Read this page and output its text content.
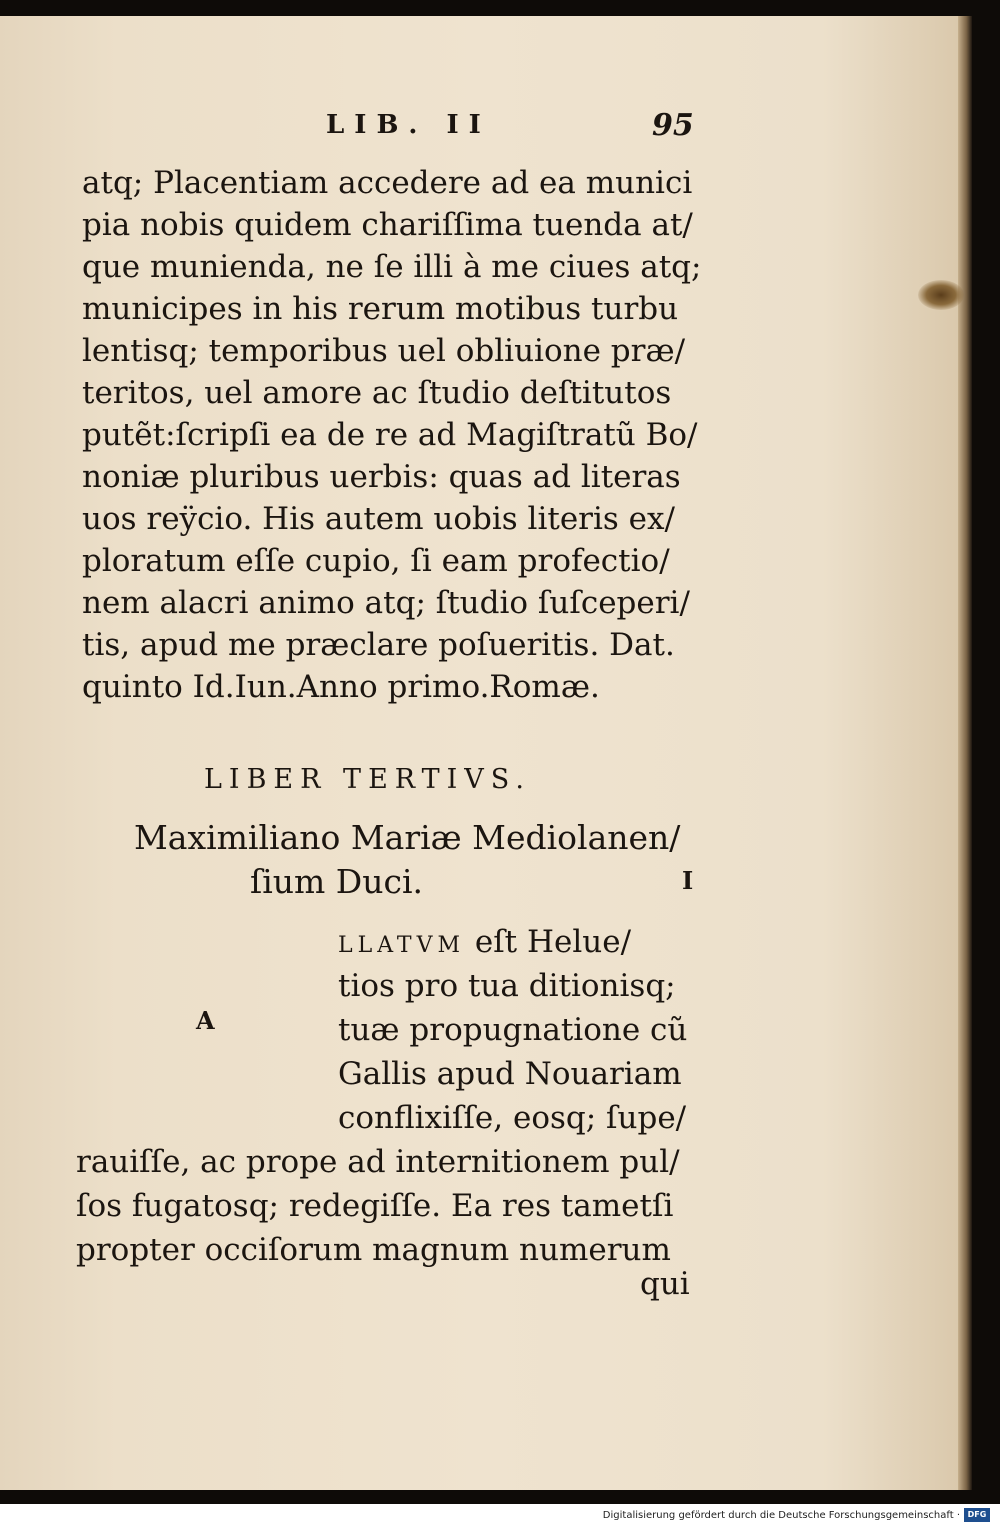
LIB. II	95
atq; Placentiam accedere ad ea munici
pia nobis quidem chariſſima tuenda at/
que munienda, ne ſe illi à me ciues atq;
municipes in his rerum motibus turbu
lentisq; temporibus uel obliuione præ/
teritos, uel amore ac ſtudio deſtitutos
putẽt:ſcripſi ea de re ad Magiſtratũ Bo/
noniæ pluribus uerbis: quas ad literas
uos reÿcio. His autem uobis literis ex/
ploratum eſſe cupio, ſi eam profectio/
nem alacri animo atq; ſtudio ſuſceperi/
tis, apud me præclare poſueritis. Dat.
quinto Id.Iun.Anno primo.Romæ.
LIBER TERTIVS.
Maximiliano Mariæ Mediolanen/
ſium Duci.	I
A
LLATVM eſt Helue/
tios pro tua ditionisq;
tuæ propugnatione cũ
Gallis apud Nouariam
conflixiſſe, eosq; ſupe/
rauiſſe, ac prope ad internitionem pul/
ſos fugatosq; redegiſſe. Ea res tametſi
propter occiſorum magnum numerum
qui
Digitalisierung gefördert durch die Deutsche Forschungsgemeinschaft · DFG
